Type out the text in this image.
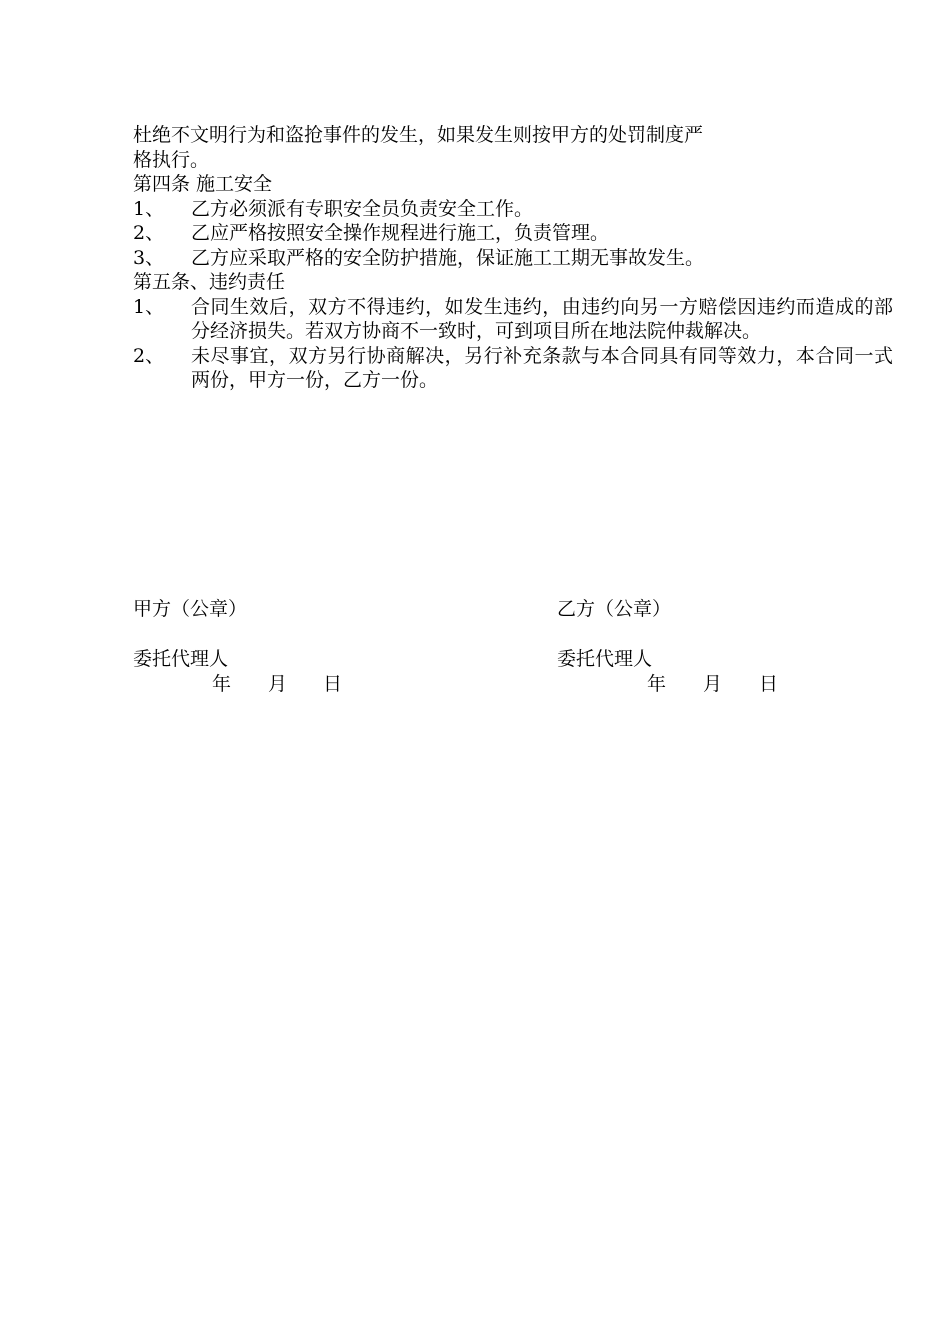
杜绝不文明行为和盗抢事件的发生，如果发生则按甲方的处罚制度严
格执行。
第四条 施工安全
1、	乙方必须派有专职安全员负责安全工作。
2、	乙应严格按照安全操作规程进行施工，负责管理。
3、	乙方应采取严格的安全防护措施，保证施工工期无事故发生。
第五条、违约责任
1、	合同生效后，双方不得违约，如发生违约，由违约向另一方赔偿因违约而造成的部分经济损失。若双方协商不一致时，可到项目所在地法院仲裁解决。
2、	未尽事宜，双方另行协商解决，另行补充条款与本合同具有同等效力，本合同一式两份，甲方一份，乙方一份。
甲方（公章）
委托代理人
年 月 日
乙方（公章）
委托代理人
年 月 日
